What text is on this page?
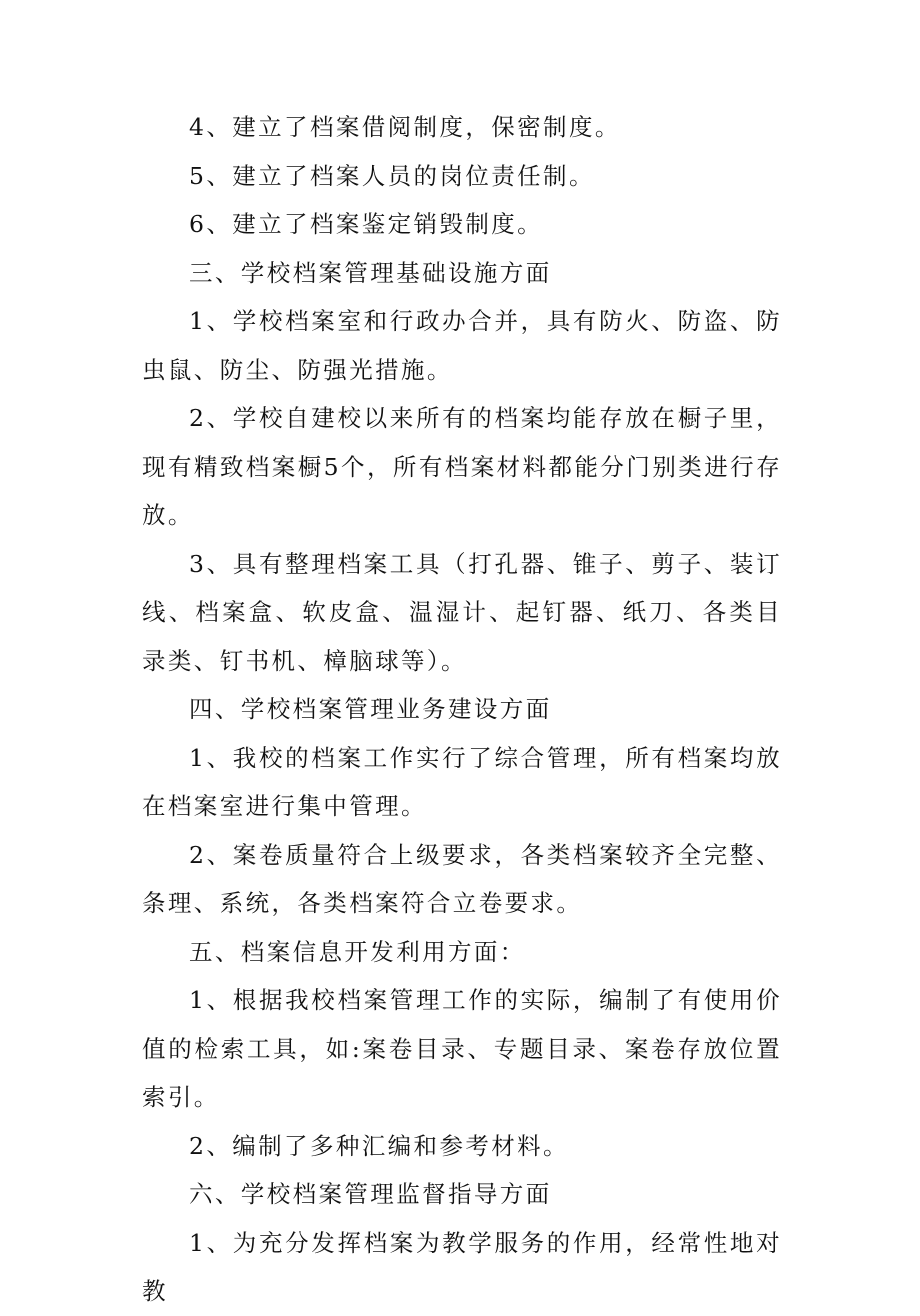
4、建立了档案借阅制度，保密制度。

5、建立了档案人员的岗位责任制。

6、建立了档案鉴定销毁制度。

三、学校档案管理基础设施方面

1、学校档案室和行政办合并，具有防火、防盗、防虫鼠、防尘、防强光措施。

2、学校自建校以来所有的档案均能存放在橱子里，现有精致档案橱5个，所有档案材料都能分门别类进行存放。

3、具有整理档案工具（打孔器、锥子、剪子、装订线、档案盒、软皮盒、温湿计、起钉器、纸刀、各类目录类、钉书机、樟脑球等）。

四、学校档案管理业务建设方面

1、我校的档案工作实行了综合管理，所有档案均放在档案室进行集中管理。

2、案卷质量符合上级要求，各类档案较齐全完整、条理、系统，各类档案符合立卷要求。

五、档案信息开发利用方面：

1、根据我校档案管理工作的实际，编制了有使用价值的检索工具，如:案卷目录、专题目录、案卷存放位置索引。

2、编制了多种汇编和参考材料。

六、学校档案管理监督指导方面

1、为充分发挥档案为教学服务的作用，经常性地对教
